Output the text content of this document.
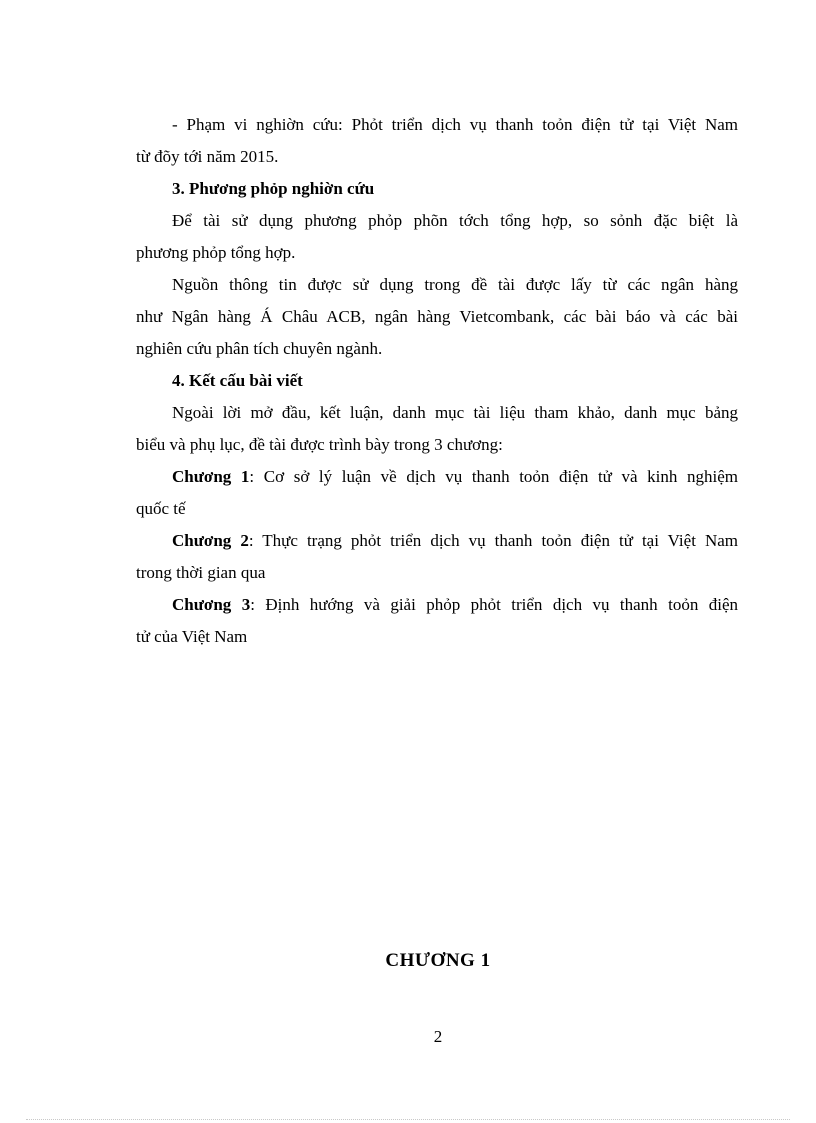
- Phạm vi nghiờn cứu: Phỏt triển dịch vụ thanh toỏn điện tử tại Việt Nam
từ đõy tới năm 2015.

3. Phương phỏp nghiờn cứu

Để tài sử dụng phương phỏp phõn tớch tổng hợp, so sỏnh đặc biệt là
phương phỏp tổng hợp.

Nguồn thông tin được sử dụng trong đề tài được lấy từ các ngân hàng
như Ngân hàng Á Châu ACB, ngân hàng Vietcombank, các bài báo và các bài
nghiên cứu phân tích chuyên ngành.

4. Kết cấu bài viết

Ngoài lời mở đầu, kết luận, danh mục tài liệu tham khảo, danh mục bảng
biểu và phụ lục, đề tài được trình bày trong 3 chương:

Chương 1: Cơ sở lý luận về dịch vụ thanh toỏn điện tử và kinh nghiệm
quốc tế

Chương 2: Thực trạng phỏt triển dịch vụ thanh toỏn điện tử tại Việt Nam
trong thời gian qua

Chương 3: Định hướng và giải phỏp phỏt triển dịch vụ thanh toỏn điện
tử của Việt Nam

CHƯƠNG 1

2
